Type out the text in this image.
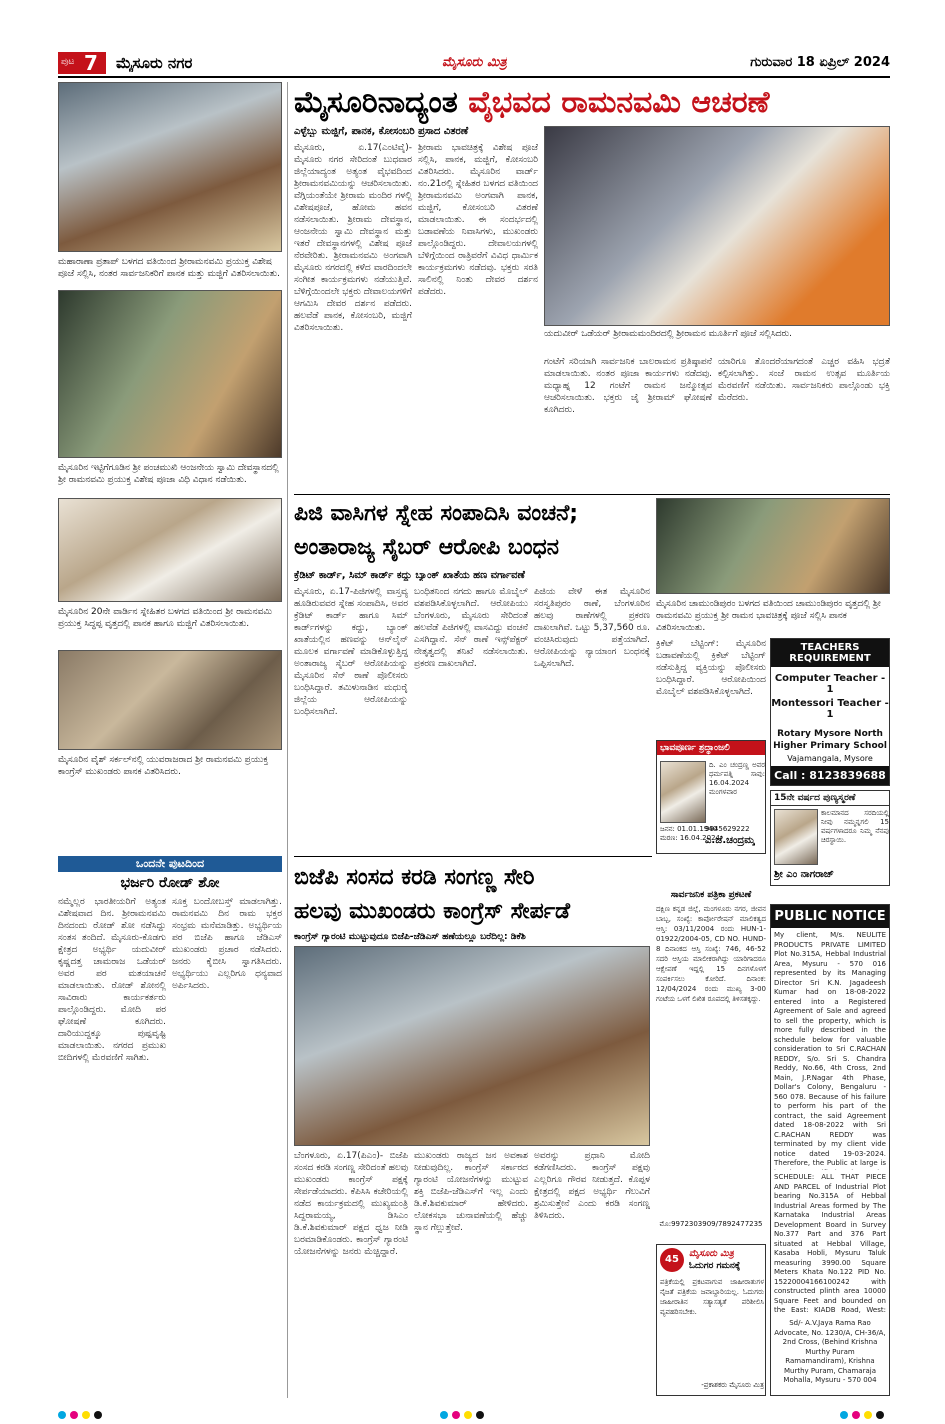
ಪುಟ 7 ಮೈಸೂರು ನಗರ	ಮೈಸೂರು ಮಿತ್ರ	ಗುರುವಾರ 18 ಏಪ್ರಿಲ್ 2024
ಮಹಾರಾಣಾ ಪ್ರತಾಪ್ ಬಳಗದ ವತಿಯಿಂದ ಶ್ರೀರಾಮನವಮಿ ಪ್ರಯುಕ್ತ ವಿಶೇಷ ಪೂಜೆ ಸಲ್ಲಿಸಿ, ನಂತರ ಸಾರ್ವಜನಿಕರಿಗೆ ಪಾನಕ ಮತ್ತು ಮಜ್ಜಿಗೆ ವಿತರಿಸಲಾಯಿತು.
ಮೈಸೂರಿನ ಇಟ್ಟಿಗೆಗೂಡಿನ ಶ್ರೀ ಪಂಚಮುಖಿ ಆಂಜನೇಯ ಸ್ವಾಮಿ ದೇವಸ್ಥಾನದಲ್ಲಿ ಶ್ರೀ ರಾಮನವಮಿ ಪ್ರಯುಕ್ತ ವಿಶೇಷ ಪೂಜಾ ವಿಧಿ ವಿಧಾನ ನಡೆಯಿತು.
ಮೈಸೂರಿನ 20ನೇ ವಾರ್ಡಿನ ಸ್ನೇಹಿತರ ಬಳಗದ ವತಿಯಿಂದ ಶ್ರೀ ರಾಮನವಮಿ ಪ್ರಯುಕ್ತ ಸಿದ್ಧಪ್ಪ ವೃತ್ತದಲ್ಲಿ ಪಾನಕ ಹಾಗೂ ಮಜ್ಜಿಗೆ ವಿತರಿಸಲಾಯಿತು.
ಮೈಸೂರಿನ ವೈಶ್ ಸರ್ಕಲ್‌ನಲ್ಲಿ ಯುವರಾಜರಾದ ಶ್ರೀ ರಾಮನವಮಿ ಪ್ರಯುಕ್ತ ಕಾಂಗ್ರೆಸ್ ಮುಖಂಡರು ಪಾನಕ ವಿತರಿಸಿದರು.
ಒಂದನೇ ಪುಟದಿಂದ
ಭರ್ಜರಿ ರೋಡ್ ಶೋ
ನಮ್ಮೆಲ್ಲರ ಭಾರತೀಯರಿಗೆ ಅತ್ಯಂತ ವಿಶೇಷವಾದ ದಿನ. ಶ್ರೀರಾಮನವಮಿ ದಿನದಂದು ರೋಡ್ ಶೋ ನಡೆಸಿದ್ದು ಸಂತಸ ತಂದಿದೆ. ಮೈಸೂರು-ಕೊಡಗು ಕ್ಷೇತ್ರದ ಅಭ್ಯರ್ಥಿ ಯದುವೀರ್ ಕೃಷ್ಣದತ್ತ ಚಾಮರಾಜ ಒಡೆಯರ್ ಅವರ ಪರ ಮತಯಾಚನೆ ಮಾಡಲಾಯಿತು. ರೋಡ್ ಶೋನಲ್ಲಿ ಸಾವಿರಾರು ಕಾರ್ಯಕರ್ತರು ಪಾಲ್ಗೊಂಡಿದ್ದರು. ಮೋದಿ ಪರ ಘೋಷಣೆ ಕೂಗಿದರು. ದಾರಿಯುದ್ದಕ್ಕೂ ಪುಷ್ಪವೃಷ್ಟಿ ಮಾಡಲಾಯಿತು. ನಗರದ ಪ್ರಮುಖ ಬೀದಿಗಳಲ್ಲಿ ಮೆರವಣಿಗೆ ಸಾಗಿತು.
ಸೂಕ್ತ ಬಂದೋಬಸ್ತ್ ಮಾಡಲಾಗಿತ್ತು. ರಾಮನವಮಿ ದಿನ ರಾಮ ಭಕ್ತರ ಸಂಭ್ರಮ ಮನೆಮಾಡಿತ್ತು. ಅಭ್ಯರ್ಥಿಯ ಪರ ಬಿಜೆಪಿ ಹಾಗೂ ಜೆಡಿಎಸ್ ಮುಖಂಡರು ಪ್ರಚಾರ ನಡೆಸಿದರು. ಜನರು ಕೈಬೀಸಿ ಸ್ವಾಗತಿಸಿದರು. ಅಭ್ಯರ್ಥಿಯು ಎಲ್ಲರಿಗೂ ಧನ್ಯವಾದ ಅರ್ಪಿಸಿದರು.
ಮೈಸೂರಿನಾದ್ಯಂತ ವೈಭವದ ರಾಮನವಮಿ ಆಚರಣೆ
ಎಳ್ಳೆಬ್ಬು ಮಜ್ಜಿಗೆ, ಪಾನಕ, ಕೋಸಂಬರಿ ಪ್ರಸಾದ ವಿತರಣೆ
ಮೈಸೂರು, ಏ.17(ಎಂಟಿವೈ)- ಮೈಸೂರು ನಗರ ಸೇರಿದಂತೆ ಬುಧವಾರ ಜಿಲ್ಲೆಯಾದ್ಯಂತ ಅತ್ಯಂತ ವೈಭವದಿಂದ ಶ್ರೀರಾಮನವಮಿಯನ್ನು ಆಚರಿಸಲಾಯಿತು. ವೆಗ್ಗಿಯಂತೆಯೇ ಶ್ರೀರಾಮ ಮಂದಿರ ಗಳಲ್ಲಿ ವಿಶೇಷಪೂಜೆ, ಹೋಮ ಹವನ ನಡೆಸಲಾಯಿತು. ಶ್ರೀರಾಮ ದೇವಸ್ಥಾನ, ಆಂಜನೇಯ ಸ್ವಾಮಿ ದೇವಸ್ಥಾನ ಮತ್ತು ಇತರೆ ದೇವಸ್ಥಾನಗಳಲ್ಲಿ ವಿಶೇಷ ಪೂಜೆ ನೆರವೇರಿತು. ಶ್ರೀರಾಮನವಮಿ ಅಂಗವಾಗಿ ಮೈಸೂರು ನಗರದಲ್ಲಿ ಕಳೆದ ವಾರದಿಂದಲೇ ಸಂಗೀತ ಕಾರ್ಯಕ್ರಮಗಳು ನಡೆಯುತ್ತಿವೆ. ಬೆಳಿಗ್ಗೆಯಿಂದಲೇ ಭಕ್ತರು ದೇವಾಲಯಗಳಿಗೆ ಆಗಮಿಸಿ ದೇವರ ದರ್ಶನ ಪಡೆದರು. ಹಲವೆಡೆ ಪಾನಕ, ಕೋಸಂಬರಿ, ಮಜ್ಜಿಗೆ ವಿತರಿಸಲಾಯಿತು.
ಶ್ರೀರಾಮ ಭಾವಚಿತ್ರಕ್ಕೆ ವಿಶೇಷ ಪೂಜೆ ಸಲ್ಲಿಸಿ, ಪಾನಕ, ಮಜ್ಜಿಗೆ, ಕೋಸಂಬರಿ ವಿತರಿಸಿದರು. ಮೈಸೂರಿನ ವಾರ್ಡ್ ನಂ.21ರಲ್ಲಿ ಸ್ನೇಹಿತರ ಬಳಗದ ವತಿಯಿಂದ ಶ್ರೀರಾಮನವಮಿ ಅಂಗವಾಗಿ ಪಾನಕ, ಮಜ್ಜಿಗೆ, ಕೋಸಂಬರಿ ವಿತರಣೆ ಮಾಡಲಾಯಿತು. ಈ ಸಂದರ್ಭದಲ್ಲಿ ಬಡಾವಣೆಯ ನಿವಾಸಿಗಳು, ಮುಖಂಡರು ಪಾಲ್ಗೊಂಡಿದ್ದರು. ದೇವಾಲಯಗಳಲ್ಲಿ ಬೆಳಿಗ್ಗೆಯಿಂದ ರಾತ್ರಿವರೆಗೆ ವಿವಿಧ ಧಾರ್ಮಿಕ ಕಾರ್ಯಕ್ರಮಗಳು ನಡೆದವು. ಭಕ್ತರು ಸರತಿ ಸಾಲಿನಲ್ಲಿ ನಿಂತು ದೇವರ ದರ್ಶನ ಪಡೆದರು.
ಯದುವೀರ್ ಒಡೆಯರ್ ಶ್ರೀರಾಮಮಂದಿರದಲ್ಲಿ ಶ್ರೀರಾಮನ ಮೂರ್ತಿಗೆ ಪೂಜೆ ಸಲ್ಲಿಸಿದರು.
ಗಂಟೆಗೆ ಸರಿಯಾಗಿ ಸಾರ್ವಜನಿಕ ಬಾಲರಾಮನ ಪ್ರತಿಷ್ಠಾಪನೆ ಮಾಡಲಾಯಿತು. ನಂತರ ಪೂಜಾ ಕಾರ್ಯಗಳು ನಡೆದವು. ಮಧ್ಯಾಹ್ನ 12 ಗಂಟೆಗೆ ರಾಮನ ಜನ್ಮೋತ್ಸವ ಆಚರಿಸಲಾಯಿತು. ಭಕ್ತರು ಜೈ ಶ್ರೀರಾಮ್ ಘೋಷಣೆ ಕೂಗಿದರು.
ಯಾರಿಗೂ ತೊಂದರೆಯಾಗದಂತೆ ಎಚ್ಚರ ವಹಿಸಿ ಭದ್ರತೆ ಕಲ್ಪಿಸಲಾಗಿತ್ತು. ಸಂಜೆ ರಾಮನ ಉತ್ಸವ ಮೂರ್ತಿಯ ಮೆರವಣಿಗೆ ನಡೆಯಿತು. ಸಾರ್ವಜನಿಕರು ಪಾಲ್ಗೊಂಡು ಭಕ್ತಿ ಮೆರೆದರು.
ಪಿಜಿ ವಾಸಿಗಳ ಸ್ನೇಹ ಸಂಪಾದಿಸಿ ವಂಚನೆ;
ಅಂತಾರಾಜ್ಯ ಸೈಬರ್ ಆರೋಪಿ ಬಂಧನ
ಕ್ರೆಡಿಟ್ ಕಾರ್ಡ್, ಸಿಮ್ ಕಾರ್ಡ್ ಕದ್ದು ಬ್ಯಾಂಕ್ ಖಾತೆಯ ಹಣ ವರ್ಗಾವಣೆ
ಮೈಸೂರು, ಏ.17-ಪಿಜಿಗಳಲ್ಲಿ ವಾಸ್ತವ್ಯ ಹೂಡಿರುವವರ ಸ್ನೇಹ ಸಂಪಾದಿಸಿ, ಅವರ ಕ್ರೆಡಿಟ್ ಕಾರ್ಡ್ ಹಾಗೂ ಸಿಮ್ ಕಾರ್ಡ್‌ಗಳನ್ನು ಕದ್ದು, ಬ್ಯಾಂಕ್ ಖಾತೆಯಲ್ಲಿನ ಹಣವನ್ನು ಆನ್‌ಲೈನ್ ಮೂಲಕ ವರ್ಗಾವಣೆ ಮಾಡಿಕೊಳ್ಳುತ್ತಿದ್ದ ಅಂತಾರಾಜ್ಯ ಸೈಬರ್ ಆರೋಪಿಯನ್ನು ಮೈಸೂರಿನ ಸೆನ್ ಠಾಣೆ ಪೊಲೀಸರು ಬಂಧಿಸಿದ್ದಾರೆ. ತಮಿಳುನಾಡಿನ ಮಧುರೈ ಜಿಲ್ಲೆಯ ಆರೋಪಿಯನ್ನು ಬಂಧಿಸಲಾಗಿದೆ.
ಬಂಧಿತನಿಂದ ನಗದು ಹಾಗೂ ಮೊಬೈಲ್ ವಶಪಡಿಸಿಕೊಳ್ಳಲಾಗಿದೆ. ಆರೋಪಿಯು ಬೆಂಗಳೂರು, ಮೈಸೂರು ಸೇರಿದಂತೆ ಹಲವೆಡೆ ಪಿಜಿಗಳಲ್ಲಿ ವಾಸವಿದ್ದು ವಂಚನೆ ಎಸಗಿದ್ದಾನೆ. ಸೆನ್ ಠಾಣೆ ಇನ್ಸ್‌ಪೆಕ್ಟರ್ ನೇತೃತ್ವದಲ್ಲಿ ತನಿಖೆ ನಡೆಸಲಾಯಿತು. ಪ್ರಕರಣ ದಾಖಲಾಗಿದೆ.
ಪಿಜಿಯ ವೇಳೆ ಈತ ಮೈಸೂರಿನ ಸರಸ್ವತಿಪುರಂ ಠಾಣೆ, ಬೆಂಗಳೂರಿನ ಹಲವು ಠಾಣೆಗಳಲ್ಲಿ ಪ್ರಕರಣ ದಾಖಲಾಗಿವೆ. ಒಟ್ಟು 5,37,560 ರೂ. ವಂಚಿಸಿರುವುದು ಪತ್ತೆಯಾಗಿದೆ. ಆರೋಪಿಯನ್ನು ನ್ಯಾಯಾಂಗ ಬಂಧನಕ್ಕೆ ಒಪ್ಪಿಸಲಾಗಿದೆ.
ಮೈಸೂರಿನ ಚಾಮುಂಡಿಪುರಂ ಬಳಗದ ವತಿಯಿಂದ ಚಾಮುಂಡಿಪುರಂ ವೃತ್ತದಲ್ಲಿ ಶ್ರೀ ರಾಮನವಮಿ ಪ್ರಯುಕ್ತ ಶ್ರೀ ರಾಮನ ಭಾವಚಿತ್ರಕ್ಕೆ ಪೂಜೆ ಸಲ್ಲಿಸಿ ಪಾನಕ ವಿತರಿಸಲಾಯಿತು.
ಕ್ರಿಕೆಟ್ ಬೆಟ್ಟಿಂಗ್: ಮೈಸೂರಿನ ಬಡಾವಣೆಯಲ್ಲಿ ಕ್ರಿಕೆಟ್ ಬೆಟ್ಟಿಂಗ್ ನಡೆಸುತ್ತಿದ್ದ ವ್ಯಕ್ತಿಯನ್ನು ಪೊಲೀಸರು ಬಂಧಿಸಿದ್ದಾರೆ. ಆರೋಪಿಯಿಂದ ಮೊಬೈಲ್ ವಶಪಡಿಸಿಕೊಳ್ಳಲಾಗಿದೆ.
TEACHERS REQUIREMENT
Computer Teacher - 1
Montessori Teacher - 1
Rotary Mysore North Higher Primary School
Vajamangala, Mysore
Call : 8123839688
ಭಾವಪೂರ್ಣ ಶ್ರದ್ಧಾಂಜಲಿ
ದಿ. ಎಂ ಚಂದ್ರಣ್ಣ ಅವರ ಧರ್ಮಪತ್ನಿ ಸಾವು: 16.04.2024 ಮಂಗಳವಾರ
ಜನನ: 01.01.1940
ಮರಣ: 16.04.2024
ಎ.ಜೆ.ಚಂದ್ರಮ್ಮ
9945629222
15ನೇ ವರ್ಷದ ಪುಣ್ಯಸ್ಮರಣೆ
ಕಾಲಮಾನದ ಸರದಿಯಲ್ಲಿ ನೀವು ನಮ್ಮನ್ನಗಲಿ 15 ವರ್ಷಗಳಾದರೂ ನಿಮ್ಮ ನೆನಪು ಚಿರಸ್ಥಾಯಿ.
ಶ್ರೀ ಎಂ ನಾಗರಾಜ್
ಬಿಜೆಪಿ ಸಂಸದ ಕರಡಿ ಸಂಗಣ್ಣ ಸೇರಿ
ಹಲವು ಮುಖಂಡರು ಕಾಂಗ್ರೆಸ್ ಸೇರ್ಪಡೆ
ಕಾಂಗ್ರೆಸ್ ಗ್ಯಾರಂಟಿ ಮುಟ್ಟುವುದೂ ಬಿಜೆಪಿ-ಜೆಡಿಎಸ್ ಹಣೆಯಲ್ಲೂ ಬರೆದಿಲ್ಲ: ಡಿಕೆಶಿ
ಬೆಂಗಳೂರು, ಏ.17(ಪಿಎಂ)- ಬಿಜೆಪಿ ಸಂಸದ ಕರಡಿ ಸಂಗಣ್ಣ ಸೇರಿದಂತೆ ಹಲವು ಮುಖಂಡರು ಕಾಂಗ್ರೆಸ್ ಪಕ್ಷಕ್ಕೆ ಸೇರ್ಪಡೆಯಾದರು. ಕೆಪಿಸಿಸಿ ಕಚೇರಿಯಲ್ಲಿ ನಡೆದ ಕಾರ್ಯಕ್ರಮದಲ್ಲಿ ಮುಖ್ಯಮಂತ್ರಿ ಸಿದ್ದರಾಮಯ್ಯ, ಡಿಸಿಎಂ ಡಿ.ಕೆ.ಶಿವಕುಮಾರ್ ಪಕ್ಷದ ಧ್ವಜ ನೀಡಿ ಬರಮಾಡಿಕೊಂಡರು. ಕಾಂಗ್ರೆಸ್ ಗ್ಯಾರಂಟಿ ಯೋಜನೆಗಳನ್ನು ಜನರು ಮೆಚ್ಚಿದ್ದಾರೆ.
ಮುಖಂಡರು ರಾಜ್ಯದ ಜನ ಅವಕಾಶ ನೀಡುವುದಿಲ್ಲ. ಕಾಂಗ್ರೆಸ್ ಸರ್ಕಾರದ ಗ್ಯಾರಂಟಿ ಯೋಜನೆಗಳನ್ನು ಮುಟ್ಟುವ ಶಕ್ತಿ ಬಿಜೆಪಿ-ಜೆಡಿಎಸ್‌ಗೆ ಇಲ್ಲ ಎಂದು ಡಿ.ಕೆ.ಶಿವಕುಮಾರ್ ಹೇಳಿದರು. ಲೋಕಸಭಾ ಚುನಾವಣೆಯಲ್ಲಿ ಹೆಚ್ಚು ಸ್ಥಾನ ಗೆಲ್ಲುತ್ತೇವೆ.
ಅವರನ್ನು ಪ್ರಧಾನಿ ಮೋದಿ ಕಡೆಗಣಿಸಿದರು. ಕಾಂಗ್ರೆಸ್ ಪಕ್ಷವು ಎಲ್ಲರಿಗೂ ಗೌರವ ನೀಡುತ್ತದೆ. ಕೊಪ್ಪಳ ಕ್ಷೇತ್ರದಲ್ಲಿ ಪಕ್ಷದ ಅಭ್ಯರ್ಥಿ ಗೆಲುವಿಗೆ ಶ್ರಮಿಸುತ್ತೇನೆ ಎಂದು ಕರಡಿ ಸಂಗಣ್ಣ ತಿಳಿಸಿದರು.
ಸಾರ್ವಜನಿಕ ಪತ್ರಿಕಾ ಪ್ರಕಟಣೆ
ದಕ್ಷಿಣ ಕನ್ನಡ ಜಿಲ್ಲೆ, ಮಂಗಳೂರು ನಗರ, ಜೀವನ ಬಾಬ್ಬ, ಸಂಖ್ಯೆ: ಕಾರ್ಪೋರೇಷನ್ ಮಾಲಿಕತ್ವದ ಆಸ್ತಿ: 03/11/2004 ರಂದು HUN-1-01922/2004-05, CD NO. HUND-8 ದಿನಾಂಕದ ಆಸ್ತಿ ಸಂಖ್ಯೆ: 746, 46-52 ಸದರಿ ಆಸ್ತಿಯ ಮಾಲೀಕರಾಗಿದ್ದು ಯಾರಿಗಾದರೂ ಆಕ್ಷೇಪಣೆ ಇದ್ದಲ್ಲಿ 15 ದಿನಗಳೊಳಗೆ ಸಂಪರ್ಕಿಸಲು ಕೋರಿದೆ. ದಿನಾಂಕ: 12/04/2024 ರಂದು ಮುಖ್ಯ 3-00 ಗಂಟೆಯ ಒಳಗೆ ಲಿಖಿತ ರೂಪದಲ್ಲಿ ತಿಳಿಸತಕ್ಕದ್ದು.
ಮೊ:9972303909/7892477235
PUBLIC NOTICE
My client, M/s. NEULITE PRODUCTS PRIVATE LIMITED Plot No.315A, Hebbal Industrial Area, Mysuru - 570 016 represented by its Managing Director Sri K.N. Jagadeesh Kumar had on 18-08-2022 entered into a Registered Agreement of Sale and agreed to sell the property, which is more fully described in the schedule below for valuable consideration to Sri C.RACHAN REDDY, S/o. Sri S. Chandra Reddy, No.66, 4th Cross, 2nd Main, J.P.Nagar 4th Phase, Dollar's Colony, Bengaluru - 560 078. Because of his failure to perform his part of the contract, the said Agreement dated 18-08-2022 with Sri C.RACHAN REDDY was terminated by my client vide notice dated 19-03-2024. Therefore, the Public at large is
SCHEDULE: ALL THAT PIECE AND PARCEL of Industrial Plot bearing No.315A of Hebbal Industrial Areas formed by The Karnataka Industrial Areas Development Board in Survey No.377 Part and 376 Part situated at Hebbal Village, Kasaba Hobli, Mysuru Taluk measuring 3990.00 Square Meters Khata No.122 PID No. 15220004166100242 with constructed plinth area 10000 Square Feet and bounded on the East: KIADB Road, West:
Sd/- A.V.Jaya Rama Rao Advocate, No. 1230/A, CH-36/A, 2nd Cross, (Behind Krishna Murthy Puram Ramamandiram), Krishna Murthy Puram, Chamaraja Mohalla, Mysuru - 570 004
45	ಮೈಸೂರು ಮಿತ್ರ
ಓದುಗರ ಗಮನಕ್ಕೆ
ಪತ್ರಿಕೆಯಲ್ಲಿ ಪ್ರಕಟವಾಗುವ ಜಾಹೀರಾತುಗಳ ನೈಜತೆ ಪತ್ರಿಕೆಯ ಜವಾಬ್ದಾರಿಯಲ್ಲ. ಓದುಗರು ಜಾಹೀರಾತಿನ ಸತ್ಯಾಸತ್ಯತೆ ಪರಿಶೀಲಿಸಿ ವ್ಯವಹರಿಸಬೇಕು.
-ಪ್ರಕಾಶಕರು ಮೈಸೂರು ಮಿತ್ರ
